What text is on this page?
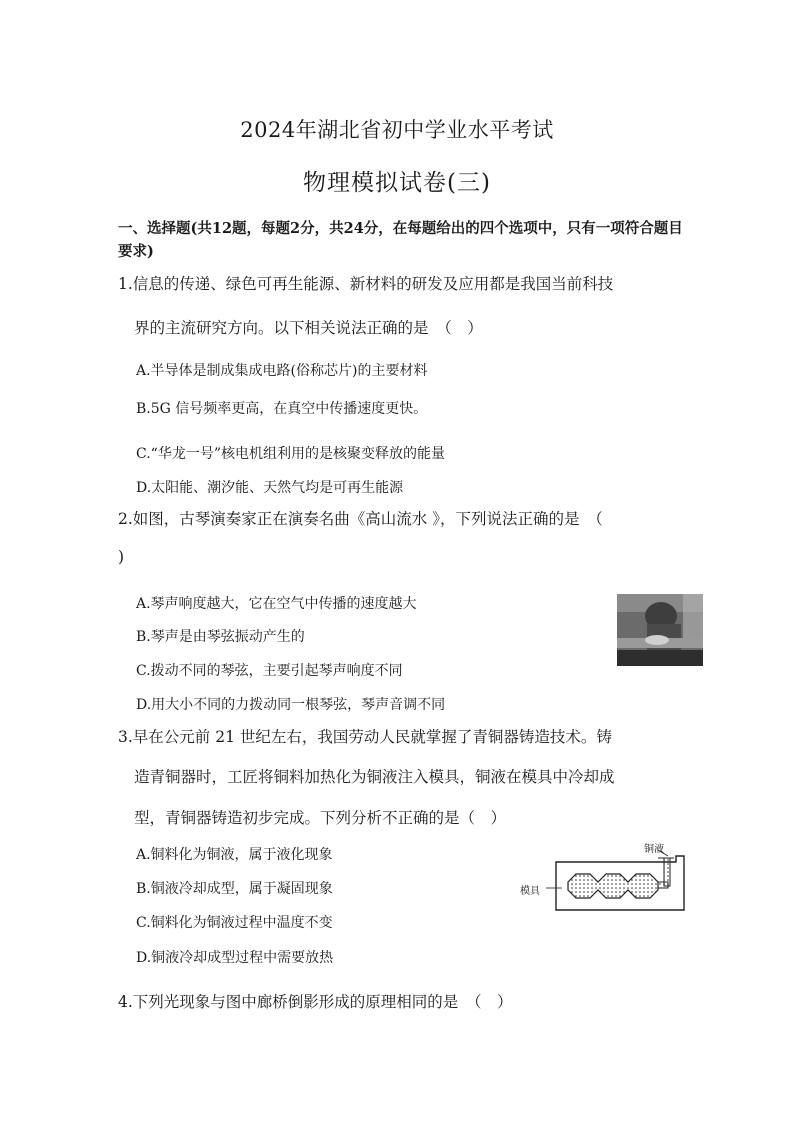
2024年湖北省初中学业水平考试
物理模拟试卷(三)
一、选择题(共12题，每题2分，共24分，在每题给出的四个选项中，只有一项符合题目要求)
1.信息的传递、绿色可再生能源、新材料的研发及应用都是我国当前科技
界的主流研究方向。以下相关说法正确的是　（　）
A.半导体是制成集成电路(俗称芯片)的主要材料
B.5G 信号频率更高，在真空中传播速度更快。
C.“华龙一号”核电机组利用的是核聚变释放的能量
D.太阳能、潮汐能、天然气均是可再生能源
2.如图，古琴演奏家正在演奏名曲《高山流水 》，下列说法正确的是　（
)
A.琴声响度越大，它在空气中传播的速度越大
B.琴声是由琴弦振动产生的
C.拨动不同的琴弦，主要引起琴声响度不同
D.用大小不同的力拨动同一根琴弦，琴声音调不同
3.早在公元前 21 世纪左右，我国劳动人民就掌握了青铜器铸造技术。铸
造青铜器时，工匠将铜料加热化为铜液注入模具，铜液在模具中冷却成
型，青铜器铸造初步完成。下列分析不正确的是（　）
A.铜料化为铜液，属于液化现象
B.铜液冷却成型，属于凝固现象
C.铜料化为铜液过程中温度不变
D.铜液冷却成型过程中需要放热
铜液
模具
4.下列光现象与图中廊桥倒影形成的原理相同的是　（　）
